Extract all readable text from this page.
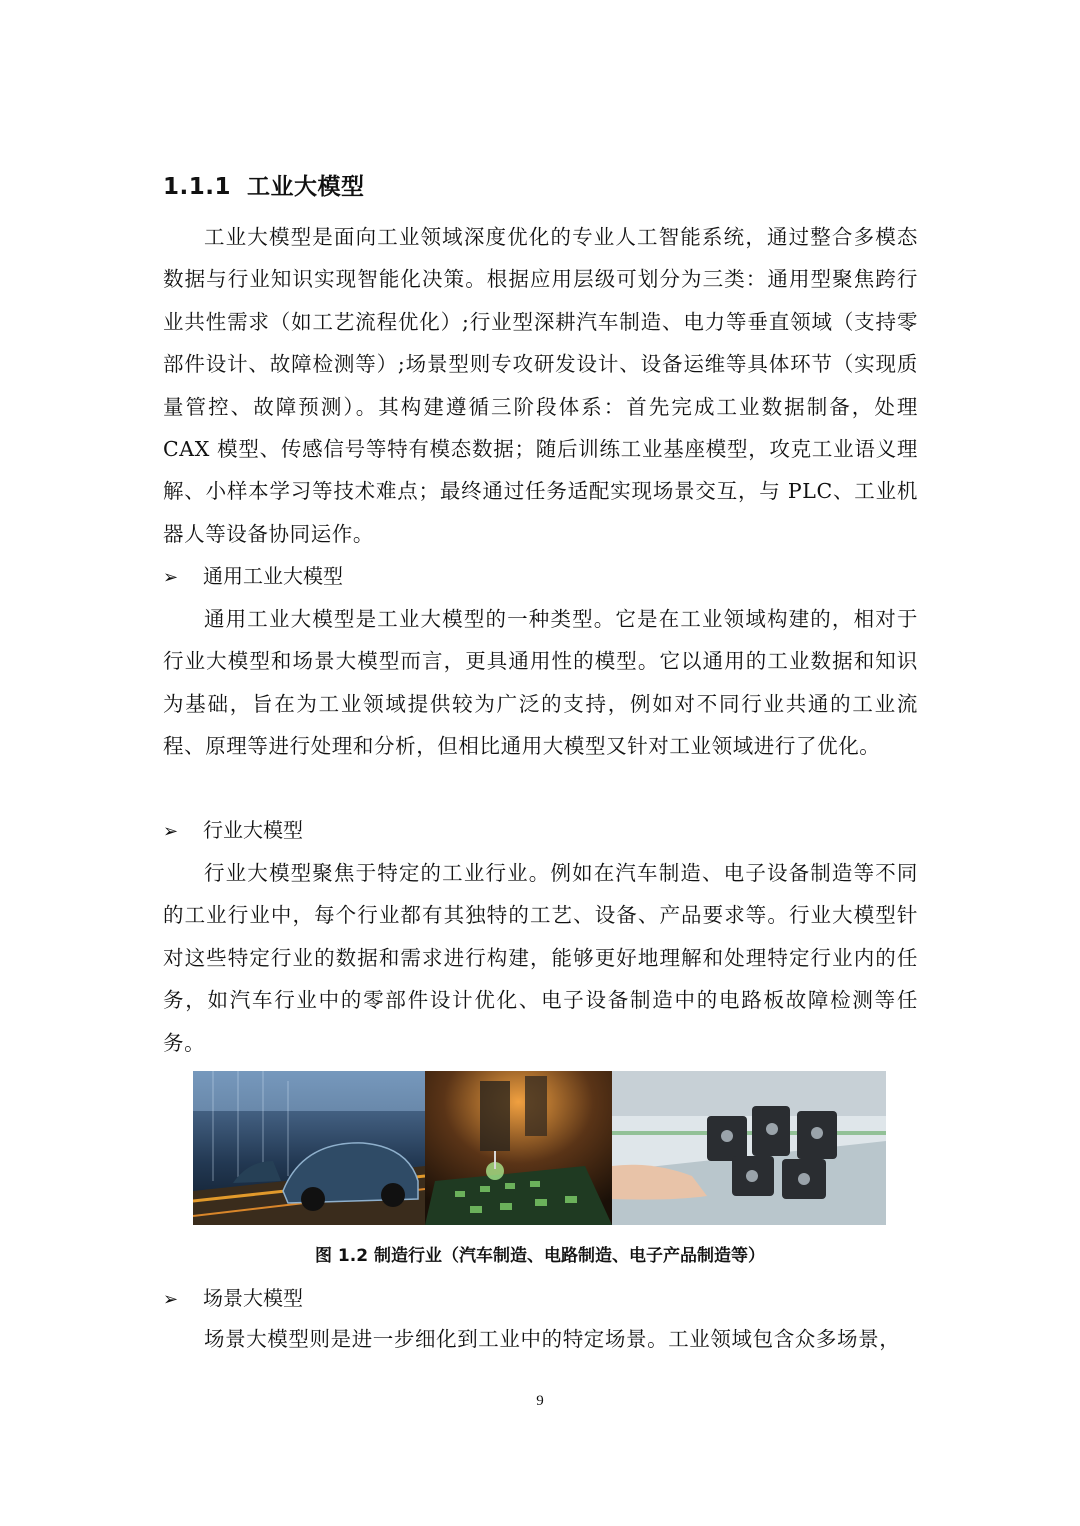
1.1.1 工业大模型
工业大模型是面向工业领域深度优化的专业人工智能系统，通过整合多模态数据与行业知识实现智能化决策。根据应用层级可划分为三类：通用型聚焦跨行业共性需求（如工艺流程优化）;行业型深耕汽车制造、电力等垂直领域（支持零部件设计、故障检测等）;场景型则专攻研发设计、设备运维等具体环节（实现质量管控、故障预测）。其构建遵循三阶段体系：首先完成工业数据制备，处理 CAX 模型、传感信号等特有模态数据；随后训练工业基座模型，攻克工业语义理解、小样本学习等技术难点；最终通过任务适配实现场景交互，与 PLC、工业机器人等设备协同运作。
➢ 通用工业大模型
通用工业大模型是工业大模型的一种类型。它是在工业领域构建的，相对于行业大模型和场景大模型而言，更具通用性的模型。它以通用的工业数据和知识为基础，旨在为工业领域提供较为广泛的支持，例如对不同行业共通的工业流程、原理等进行处理和分析，但相比通用大模型又针对工业领域进行了优化。
➢ 行业大模型
行业大模型聚焦于特定的工业行业。例如在汽车制造、电子设备制造等不同的工业行业中，每个行业都有其独特的工艺、设备、产品要求等。行业大模型针对这些特定行业的数据和需求进行构建，能够更好地理解和处理特定行业内的任务，如汽车行业中的零部件设计优化、电子设备制造中的电路板故障检测等任务。
图 1.2 制造行业（汽车制造、电路制造、电子产品制造等）
➢ 场景大模型
场景大模型则是进一步细化到工业中的特定场景。工业领域包含众多场景，
9
